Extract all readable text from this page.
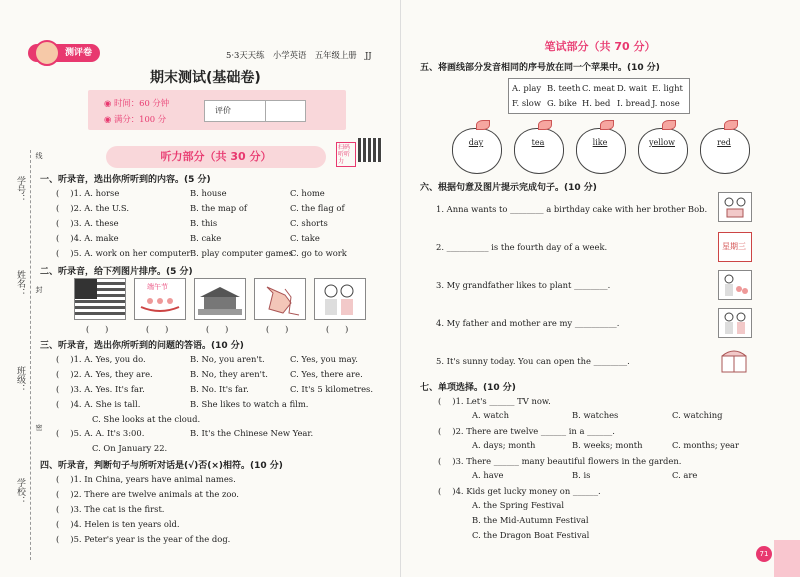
测评卷	5·3天天练　小学英语　五年级上册　JJ
期末测试(基础卷)
◉ 时间：60 分钟
◉ 满分：100 分
评价
听力部分（共 30 分）
扫码听听力
学号：
姓名：
班级：
学校：
线
封
密
一、听录音，选出你所听到的内容。(5 分)
( 　)1. A. horse	B. house	C. home
( 　)2. A. the U.S.	B. the map of	C. the flag of
( 　)3. A. these	B. this	C. shorts
( 　)4. A. make	B. cake	C. take
( 　)5. A. work on her computer B. play computer games
C. go to work
二、听录音，给下列图片排序。(5 分)
端午节
(　　)	(　　)	(　　)	(　　)	(　　)
三、听录音，选出你所听到的问题的答语。(10 分)
( 　)1. A. Yes, you do.	B. No, you aren't.	C. Yes, you may.
( 　)2. A. Yes, they are.	B. No, they aren't.	C. Yes, there are.
( 　)3. A. Yes. It's far.	B. No. It's far.	C. It's 5 kilometres.
( 　)4. A. She is tall.	B. She likes to watch a film.
C. She looks at the cloud.
( 　)5. A. A. It's 3:00.	B. It's the Chinese New Year.
C. On January 22.
四、听录音，判断句子与所听对话是(√)否(×)相符。(10 分)
( 　)1. In China, years have animal names.
( 　)2. There are twelve animals at the zoo.
( 　)3. The cat is the first.
( 　)4. Helen is ten years old.
( 　)5. Peter's year is the year of the dog.
笔试部分（共 70 分）
五、将画线部分发音相同的序号放在同一个苹果中。(10 分)
A. play B. teeth C. meat D. wait E. light
F. slow G. bike H. bed I. bread J. nose
day	tea	like	yellow	red
六、根据句意及图片提示完成句子。(10 分)
1. Anna wants to ________ a birthday cake with her brother Bob.
2. __________ is the fourth day of a week.
3. My grandfather likes to plant ________.
4. My father and mother are my __________.
5. It's sunny today. You can open the ________.
星期三
七、单项选择。(10 分)
( 　)1. Let's ______ TV now.
A. watch	B. watches	C. watching
( 　)2. There are twelve ______ in a ______.
A. days; month	B. weeks; month	C. months; year
( 　)3. There ______ many beautiful flowers in the garden.
A. have	B. is	C. are
( 　)4. Kids get lucky money on ______.
A. the Spring Festival
B. the Mid-Autumn Festival
C. the Dragon Boat Festival
71
